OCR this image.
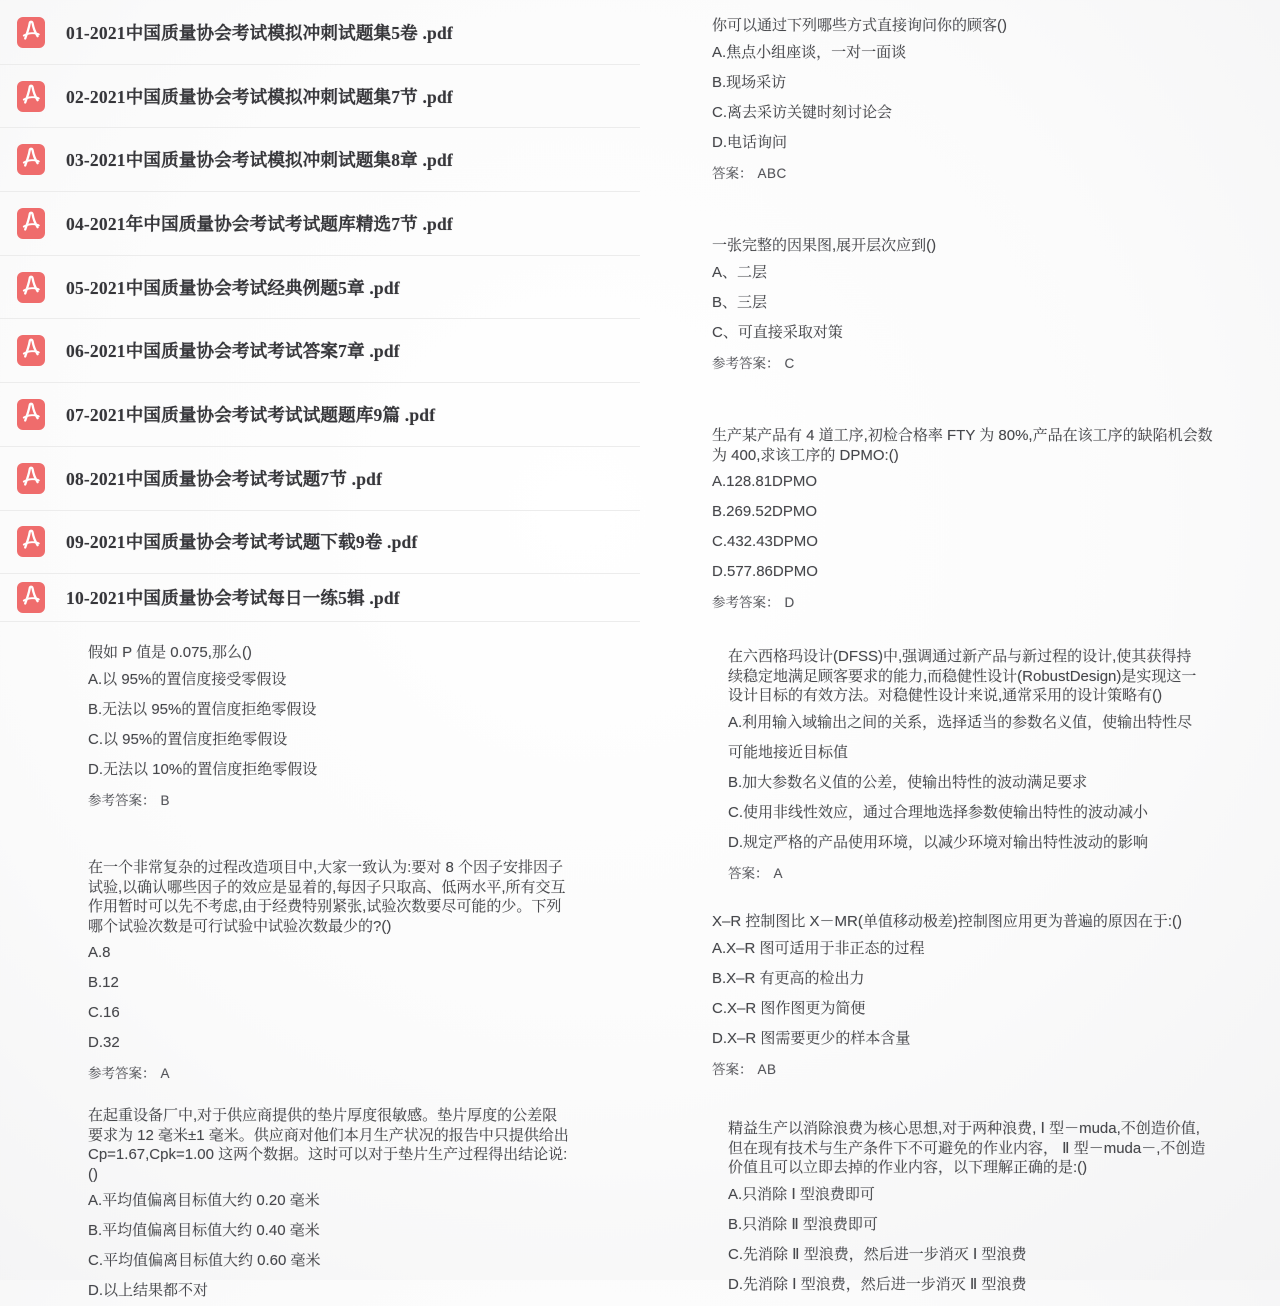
01-2021中国质量协会考试模拟冲刺试题集5卷 .pdf
02-2021中国质量协会考试模拟冲刺试题集7节 .pdf
03-2021中国质量协会考试模拟冲刺试题集8章 .pdf
04-2021年中国质量协会考试考试题库精选7节 .pdf
05-2021中国质量协会考试经典例题5章 .pdf
06-2021中国质量协会考试考试答案7章 .pdf
07-2021中国质量协会考试考试试题题库9篇 .pdf
08-2021中国质量协会考试考试题7节 .pdf
09-2021中国质量协会考试考试题下载9卷 .pdf
10-2021中国质量协会考试每日一练5辑 .pdf

假如 P 值是 0.075,那么()

A.以 95%的置信度接受零假设

B.无法以 95%的置信度拒绝零假设

C.以 95%的置信度拒绝零假设

D.无法以 10%的置信度拒绝零假设

参考答案： B

在一个非常复杂的过程改造项目中,大家一致认为:要对 8 个因子安排因子试验,以确认哪些因子的效应是显着的,每因子只取高、低两水平,所有交互作用暂时可以先不考虑,由于经费特别紧张,试验次数要尽可能的少。下列哪个试验次数是可行试验中试验次数最少的?()

A.8

B.12

C.16

D.32

参考答案： A

在起重设备厂中,对于供应商提供的垫片厚度很敏感。垫片厚度的公差限要求为 12 毫米±1 毫米。供应商对他们本月生产状况的报告中只提供给出 Cp=1.67,Cpk=1.00 这两个数据。这时可以对于垫片生产过程得出结论说:()

A.平均值偏离目标值大约 0.20 毫米

B.平均值偏离目标值大约 0.40 毫米

C.平均值偏离目标值大约 0.60 毫米

D.以上结果都不对

你可以通过下列哪些方式直接询问你的顾客()

A.焦点小组座谈，一对一面谈

B.现场采访

C.离去采访关键时刻讨论会

D.电话询问

答案： ABC

一张完整的因果图,展开层次应到()

A、二层

B、三层

C、可直接采取对策

参考答案： C

生产某产品有 4 道工序,初检合格率 FTY 为 80%,产品在该工序的缺陷机会数为 400,求该工序的 DPMO:()

A.128.81DPMO

B.269.52DPMO

C.432.43DPMO

D.577.86DPMO

参考答案： D

在六西格玛设计(DFSS)中,强调通过新产品与新过程的设计,使其获得持续稳定地满足顾客要求的能力,而稳健性设计(RobustDesign)是实现这一设计目标的有效方法。对稳健性设计来说,通常采用的设计策略有()

A.利用输入域输出之间的关系，选择适当的参数名义值，使输出特性尽可能地接近目标值

B.加大参数名义值的公差，使输出特性的波动满足要求

C.使用非线性效应，通过合理地选择参数使输出特性的波动减小

D.规定严格的产品使用环境，以减少环境对输出特性波动的影响

答案： A

X–R 控制图比 X－MR(单值移动极差)控制图应用更为普遍的原因在于:()

A.X–R 图可适用于非正态的过程

B.X–R 有更高的检出力

C.X–R 图作图更为简便

D.X–R 图需要更少的样本含量

答案： AB

精益生产以消除浪费为核心思想,对于两种浪费, Ⅰ 型－muda,不创造价值,但在现有技术与生产条件下不可避免的作业内容， Ⅱ 型－muda－,不创造价值且可以立即去掉的作业内容，以下理解正确的是:()

A.只消除 Ⅰ 型浪费即可

B.只消除 Ⅱ 型浪费即可

C.先消除 Ⅱ 型浪费，然后进一步消灭 Ⅰ 型浪费

D.先消除 Ⅰ 型浪费，然后进一步消灭 Ⅱ 型浪费
